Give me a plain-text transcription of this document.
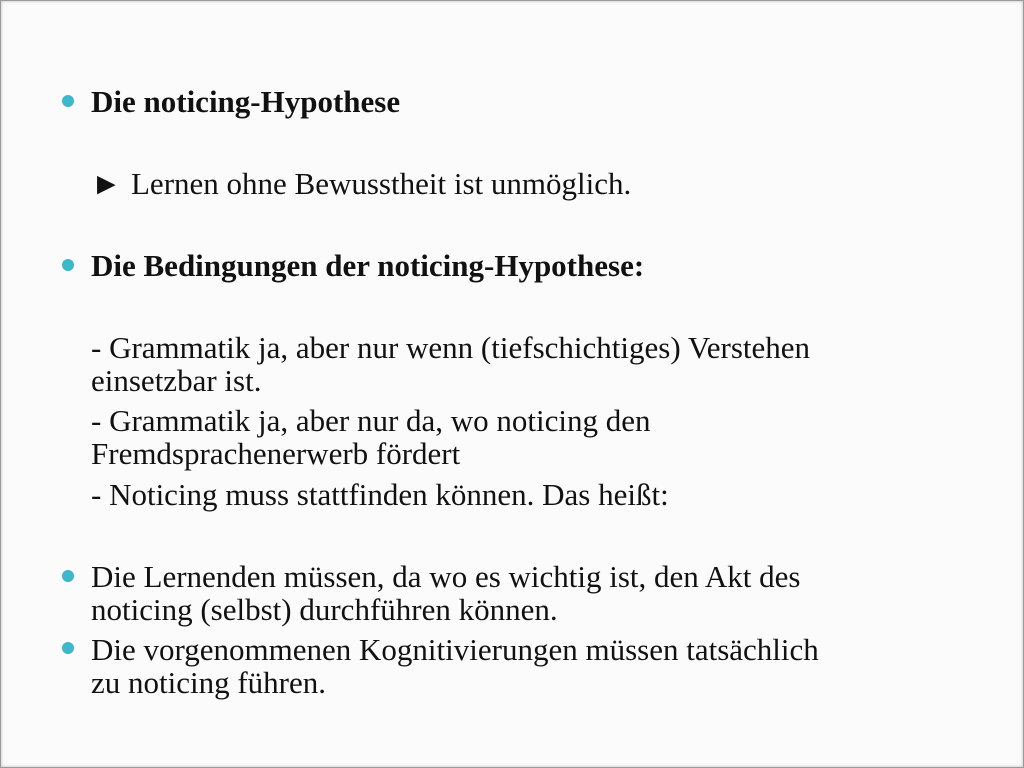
Die noticing-Hypothese
► Lernen ohne Bewusstheit ist unmöglich.
Die Bedingungen der noticing-Hypothese:
- Grammatik ja, aber nur wenn (tiefschichtiges) Verstehen
einsetzbar ist.
- Grammatik ja, aber nur da, wo noticing den
Fremdsprachenerwerb fördert
- Noticing muss stattfinden können. Das heißt:
Die Lernenden müssen, da wo es wichtig ist, den Akt des
noticing (selbst) durchführen können.
Die vorgenommenen Kognitivierungen müssen tatsächlich
zu noticing führen.
